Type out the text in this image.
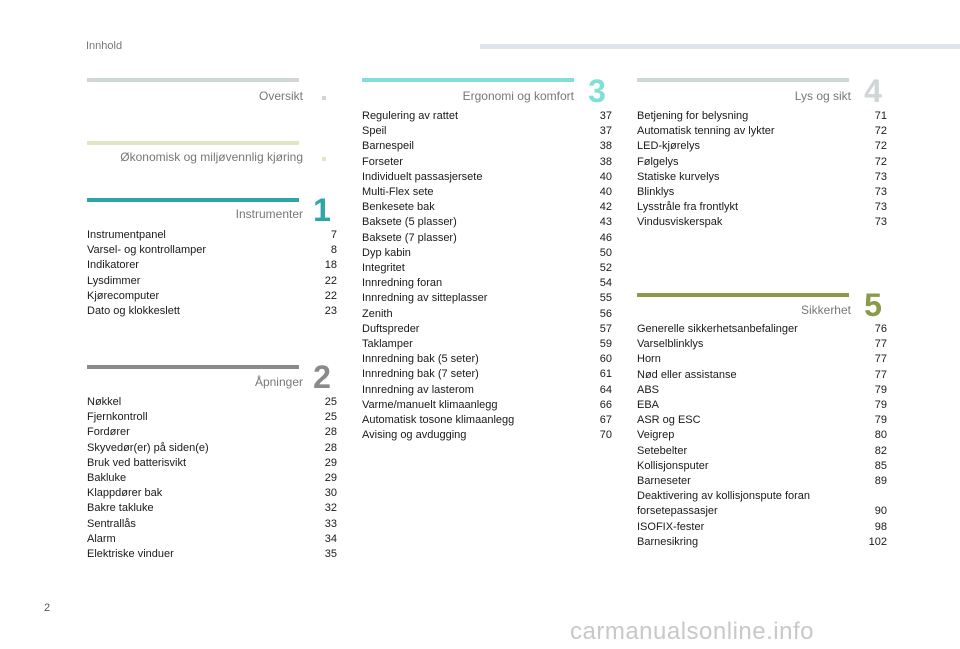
Innhold
Oversikt
Økonomisk og miljøvennlig kjøring
Instrumenter 1
Instrumentpanel	7
Varsel- og kontrollamper	8
Indikatorer	18
Lysdimmer	22
Kjørecomputer	22
Dato og klokkeslett	23
Åpninger 2
Nøkkel	25
Fjernkontroll	25
Fordører	28
Skyvedør(er) på siden(e)	28
Bruk ved batterisvikt	29
Bakluke	29
Klappdører bak	30
Bakre takluke	32
Sentrallås	33
Alarm	34
Elektriske vinduer	35
Ergonomi og komfort 3
Regulering av rattet	37
Speil	37
Barnespeil	38
Forseter	38
Individuelt passasjersete	40
Multi-Flex sete	40
Benkesete bak	42
Baksete (5 plasser)	43
Baksete (7 plasser)	46
Dyp kabin	50
Integritet	52
Innredning foran	54
Innredning av sitteplasser	55
Zenith	56
Duftspreder	57
Taklamper	59
Innredning bak (5 seter)	60
Innredning bak (7 seter)	61
Innredning av lasterom	64
Varme/manuelt klimaanlegg	66
Automatisk tosone klimaanlegg	67
Avising og avdugging	70
Lys og sikt 4
Betjening for belysning	71
Automatisk tenning av lykter	72
LED-kjørelys	72
Følgelys	72
Statiske kurvelys	73
Blinklys	73
Lysstråle fra frontlykt	73
Vindusviskerspak	73
Sikkerhet 5
Generelle sikkerhetsanbefalinger	76
Varselblinklys	77
Horn	77
Nød eller assistanse	77
ABS	79
EBA	79
ASR og ESC	79
Veigrep	80
Setebelter	82
Kollisjonsputer	85
Barneseter	89
Deaktivering av kollisjonspute foran forsetepassasjer	90
ISOFIX-fester	98
Barnesikring	102
2
carmanualsonline.info
